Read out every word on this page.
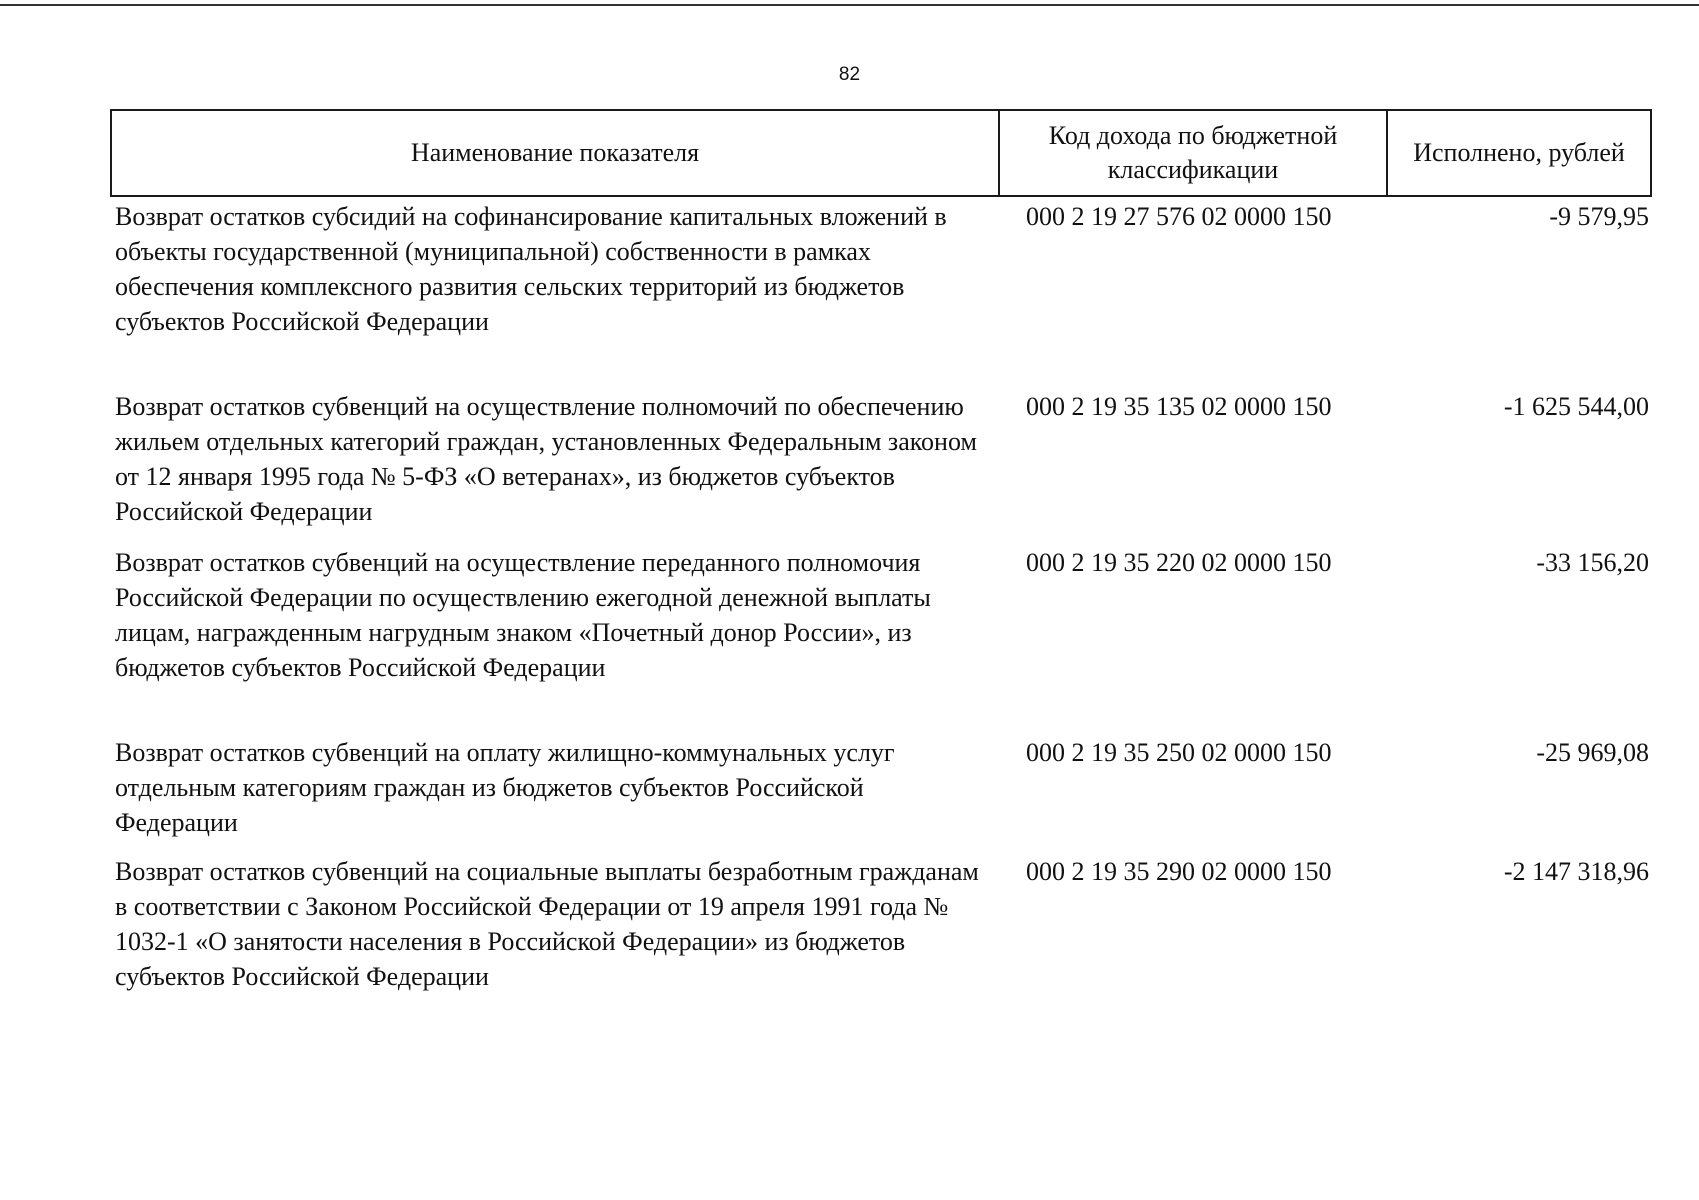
82
Наименование показателя	Код дохода по бюджетной классификации	Исполнено, рублей
Возврат остатков субсидий на софинансирование капитальных вложений в объекты государственной (муниципальной) собственности в рамках обеспечения комплексного развития сельских территорий из бюджетов субъектов Российской Федерации	000 2 19 27 576 02 0000 150	-9 579,95
Возврат остатков субвенций на осуществление полномочий по обеспечению жильем отдельных категорий граждан, установленных Федеральным законом от 12 января 1995 года № 5-ФЗ «О ветеранах», из бюджетов субъектов Российской Федерации	000 2 19 35 135 02 0000 150	-1 625 544,00
Возврат остатков субвенций на осуществление переданного полномочия Российской Федерации по осуществлению ежегодной денежной выплаты лицам, награжденным нагрудным знаком «Почетный донор России», из бюджетов субъектов Российской Федерации	000 2 19 35 220 02 0000 150	-33 156,20
Возврат остатков субвенций на оплату жилищно-коммунальных услуг отдельным категориям граждан из бюджетов субъектов Российской Федерации	000 2 19 35 250 02 0000 150	-25 969,08
Возврат остатков субвенций на социальные выплаты безработным гражданам в соответствии с Законом Российской Федерации от 19 апреля 1991 года № 1032-1 «О занятости населения в Российской Федерации» из бюджетов субъектов Российской Федерации	000 2 19 35 290 02 0000 150	-2 147 318,96
